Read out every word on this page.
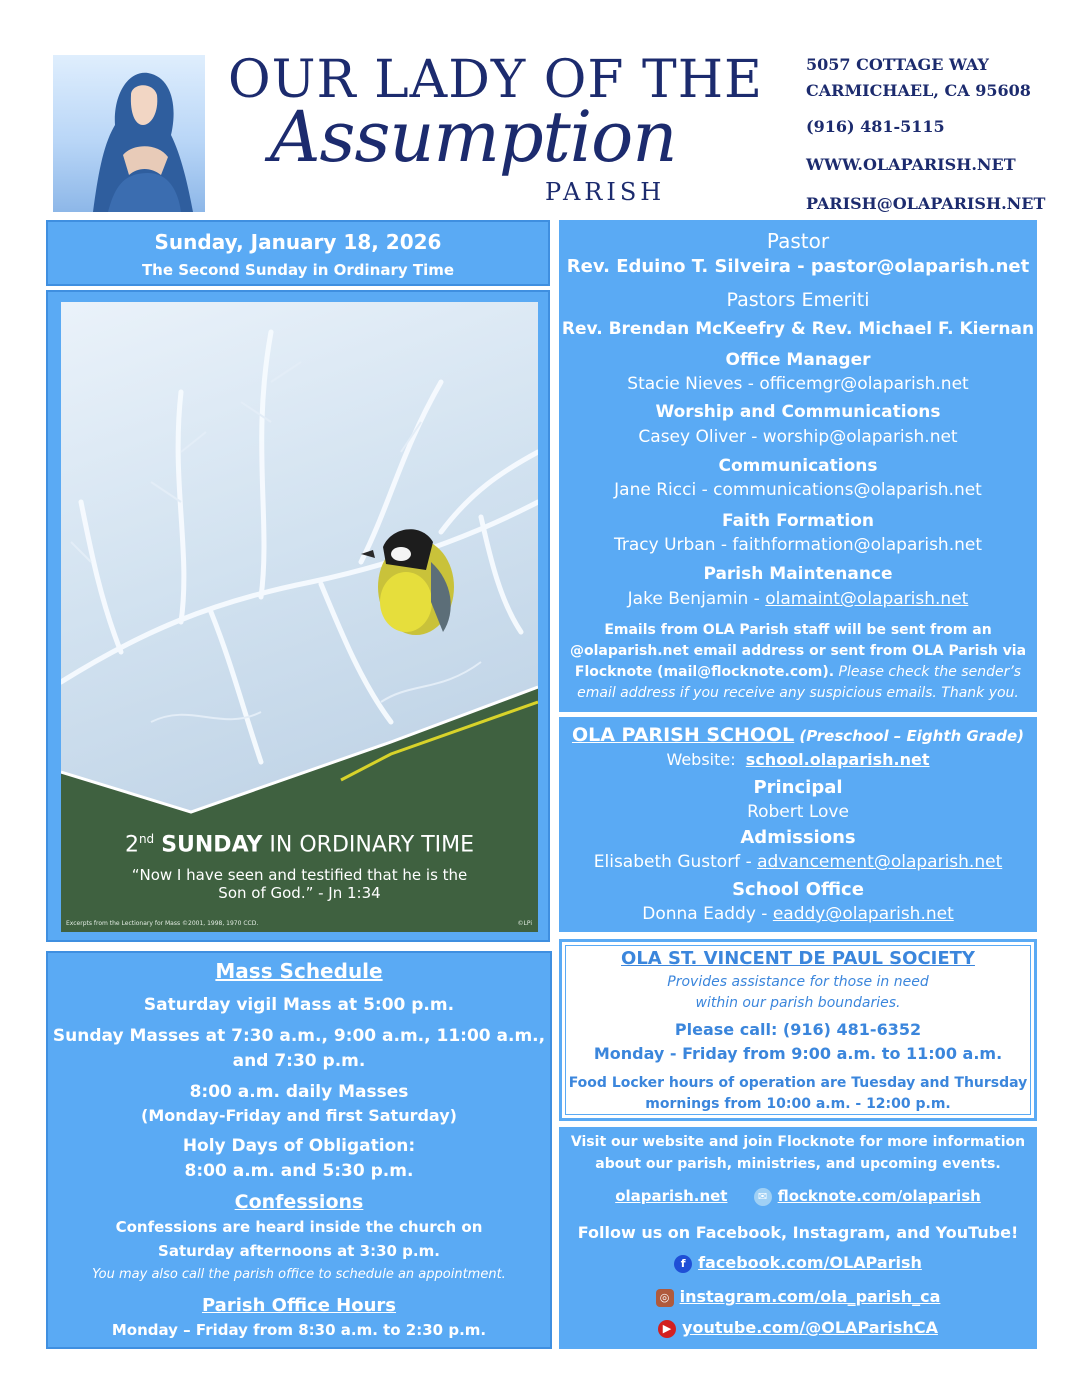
OUR LADY OF THE
Assumption
PARISH
5057 COTTAGE WAY
CARMICHAEL, CA 95608
(916) 481-5115
WWW.OLAPARISH.NET
PARISH@OLAPARISH.NET
Sunday, January 18, 2026
The Second Sunday in Ordinary Time
2nd SUNDAY IN ORDINARY TIME
“Now I have seen and testified that he is the
Son of God.” - Jn 1:34
Excerpts from the Lectionary for Mass ©2001, 1998, 1970 CCD.	©LPi
Pastor
Rev. Eduino T. Silveira - pastor@olaparish.net
Pastors Emeriti
Rev. Brendan McKeefry & Rev. Michael F. Kiernan
Office Manager
Stacie Nieves - officemgr@olaparish.net
Worship and Communications
Casey Oliver - worship@olaparish.net
Communications
Jane Ricci - communications@olaparish.net
Faith Formation
Tracy Urban - faithformation@olaparish.net
Parish Maintenance
Jake Benjamin - olamaint@olaparish.net
Emails from OLA Parish staff will be sent from an
@olaparish.net email address or sent from OLA Parish via
Flocknote (mail@flocknote.com). Please check the sender’s
email address if you receive any suspicious emails. Thank you.
OLA PARISH SCHOOL (Preschool – Eighth Grade)
Website: school.olaparish.net
Principal
Robert Love
Admissions
Elisabeth Gustorf - advancement@olaparish.net
School Office
Donna Eaddy - eaddy@olaparish.net
OLA ST. VINCENT DE PAUL SOCIETY
Provides assistance for those in need
within our parish boundaries.
Please call: (916) 481-6352
Monday - Friday from 9:00 a.m. to 11:00 a.m.
Food Locker hours of operation are Tuesday and Thursday
mornings from 10:00 a.m. - 12:00 p.m.
Mass Schedule
Saturday vigil Mass at 5:00 p.m.
Sunday Masses at 7:30 a.m., 9:00 a.m., 11:00 a.m.,
and 7:30 p.m.
8:00 a.m. daily Masses
(Monday-Friday and first Saturday)
Holy Days of Obligation:
8:00 a.m. and 5:30 p.m.
Confessions
Confessions are heard inside the church on
Saturday afternoons at 3:30 p.m.
You may also call the parish office to schedule an appointment.
Parish Office Hours
Monday – Friday from 8:30 a.m. to 2:30 p.m.
Visit our website and join Flocknote for more information
about our parish, ministries, and upcoming events.
olaparish.net	✉ flocknote.com/olaparish
Follow us on Facebook, Instagram, and YouTube!
f facebook.com/OLAParish
◎ instagram.com/ola_parish_ca
▶ youtube.com/@OLAParishCA
